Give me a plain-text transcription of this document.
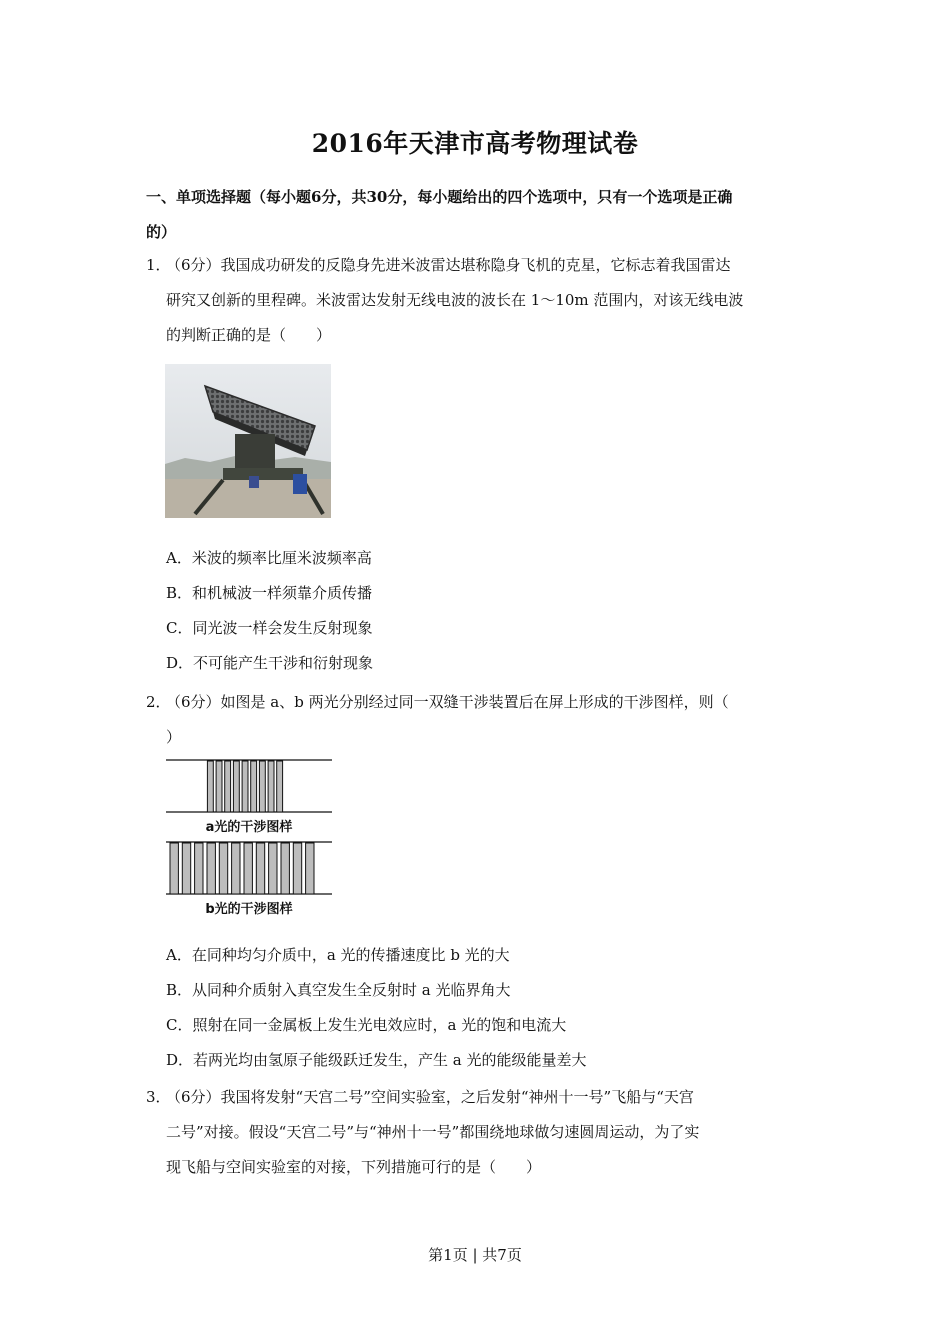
2016年天津市高考物理试卷
一、单项选择题（每小题6分，共30分，每小题给出的四个选项中，只有一个选项是正确
的）
1．
（6分）我国成功研发的反隐身先进米波雷达堪称隐身飞机的克星，它标志着我国雷达
研究又创新的里程碑。米波雷达发射无线电波的波长在 1～10m 范围内，对该无线电波
的判断正确的是（　　）
A．米波的频率比厘米波频率高
B．和机械波一样须靠介质传播
C．同光波一样会发生反射现象
D．不可能产生干涉和衍射现象
2．
（6分）如图是 a、b 两光分别经过同一双缝干涉装置后在屏上形成的干涉图样，则（
）
a光的干涉图样
b光的干涉图样
A．在同种均匀介质中，a 光的传播速度比 b 光的大
B．从同种介质射入真空发生全反射时 a 光临界角大
C．照射在同一金属板上发生光电效应时，a 光的饱和电流大
D．若两光均由氢原子能级跃迁发生，产生 a 光的能级能量差大
3．
（6分）我国将发射“天宫二号”空间实验室，之后发射“神州十一号”飞船与“天宫
二号”对接。假设“天宫二号”与“神州十一号”都围绕地球做匀速圆周运动，为了实
现飞船与空间实验室的对接，下列措施可行的是（　　）
第1页 | 共7页
